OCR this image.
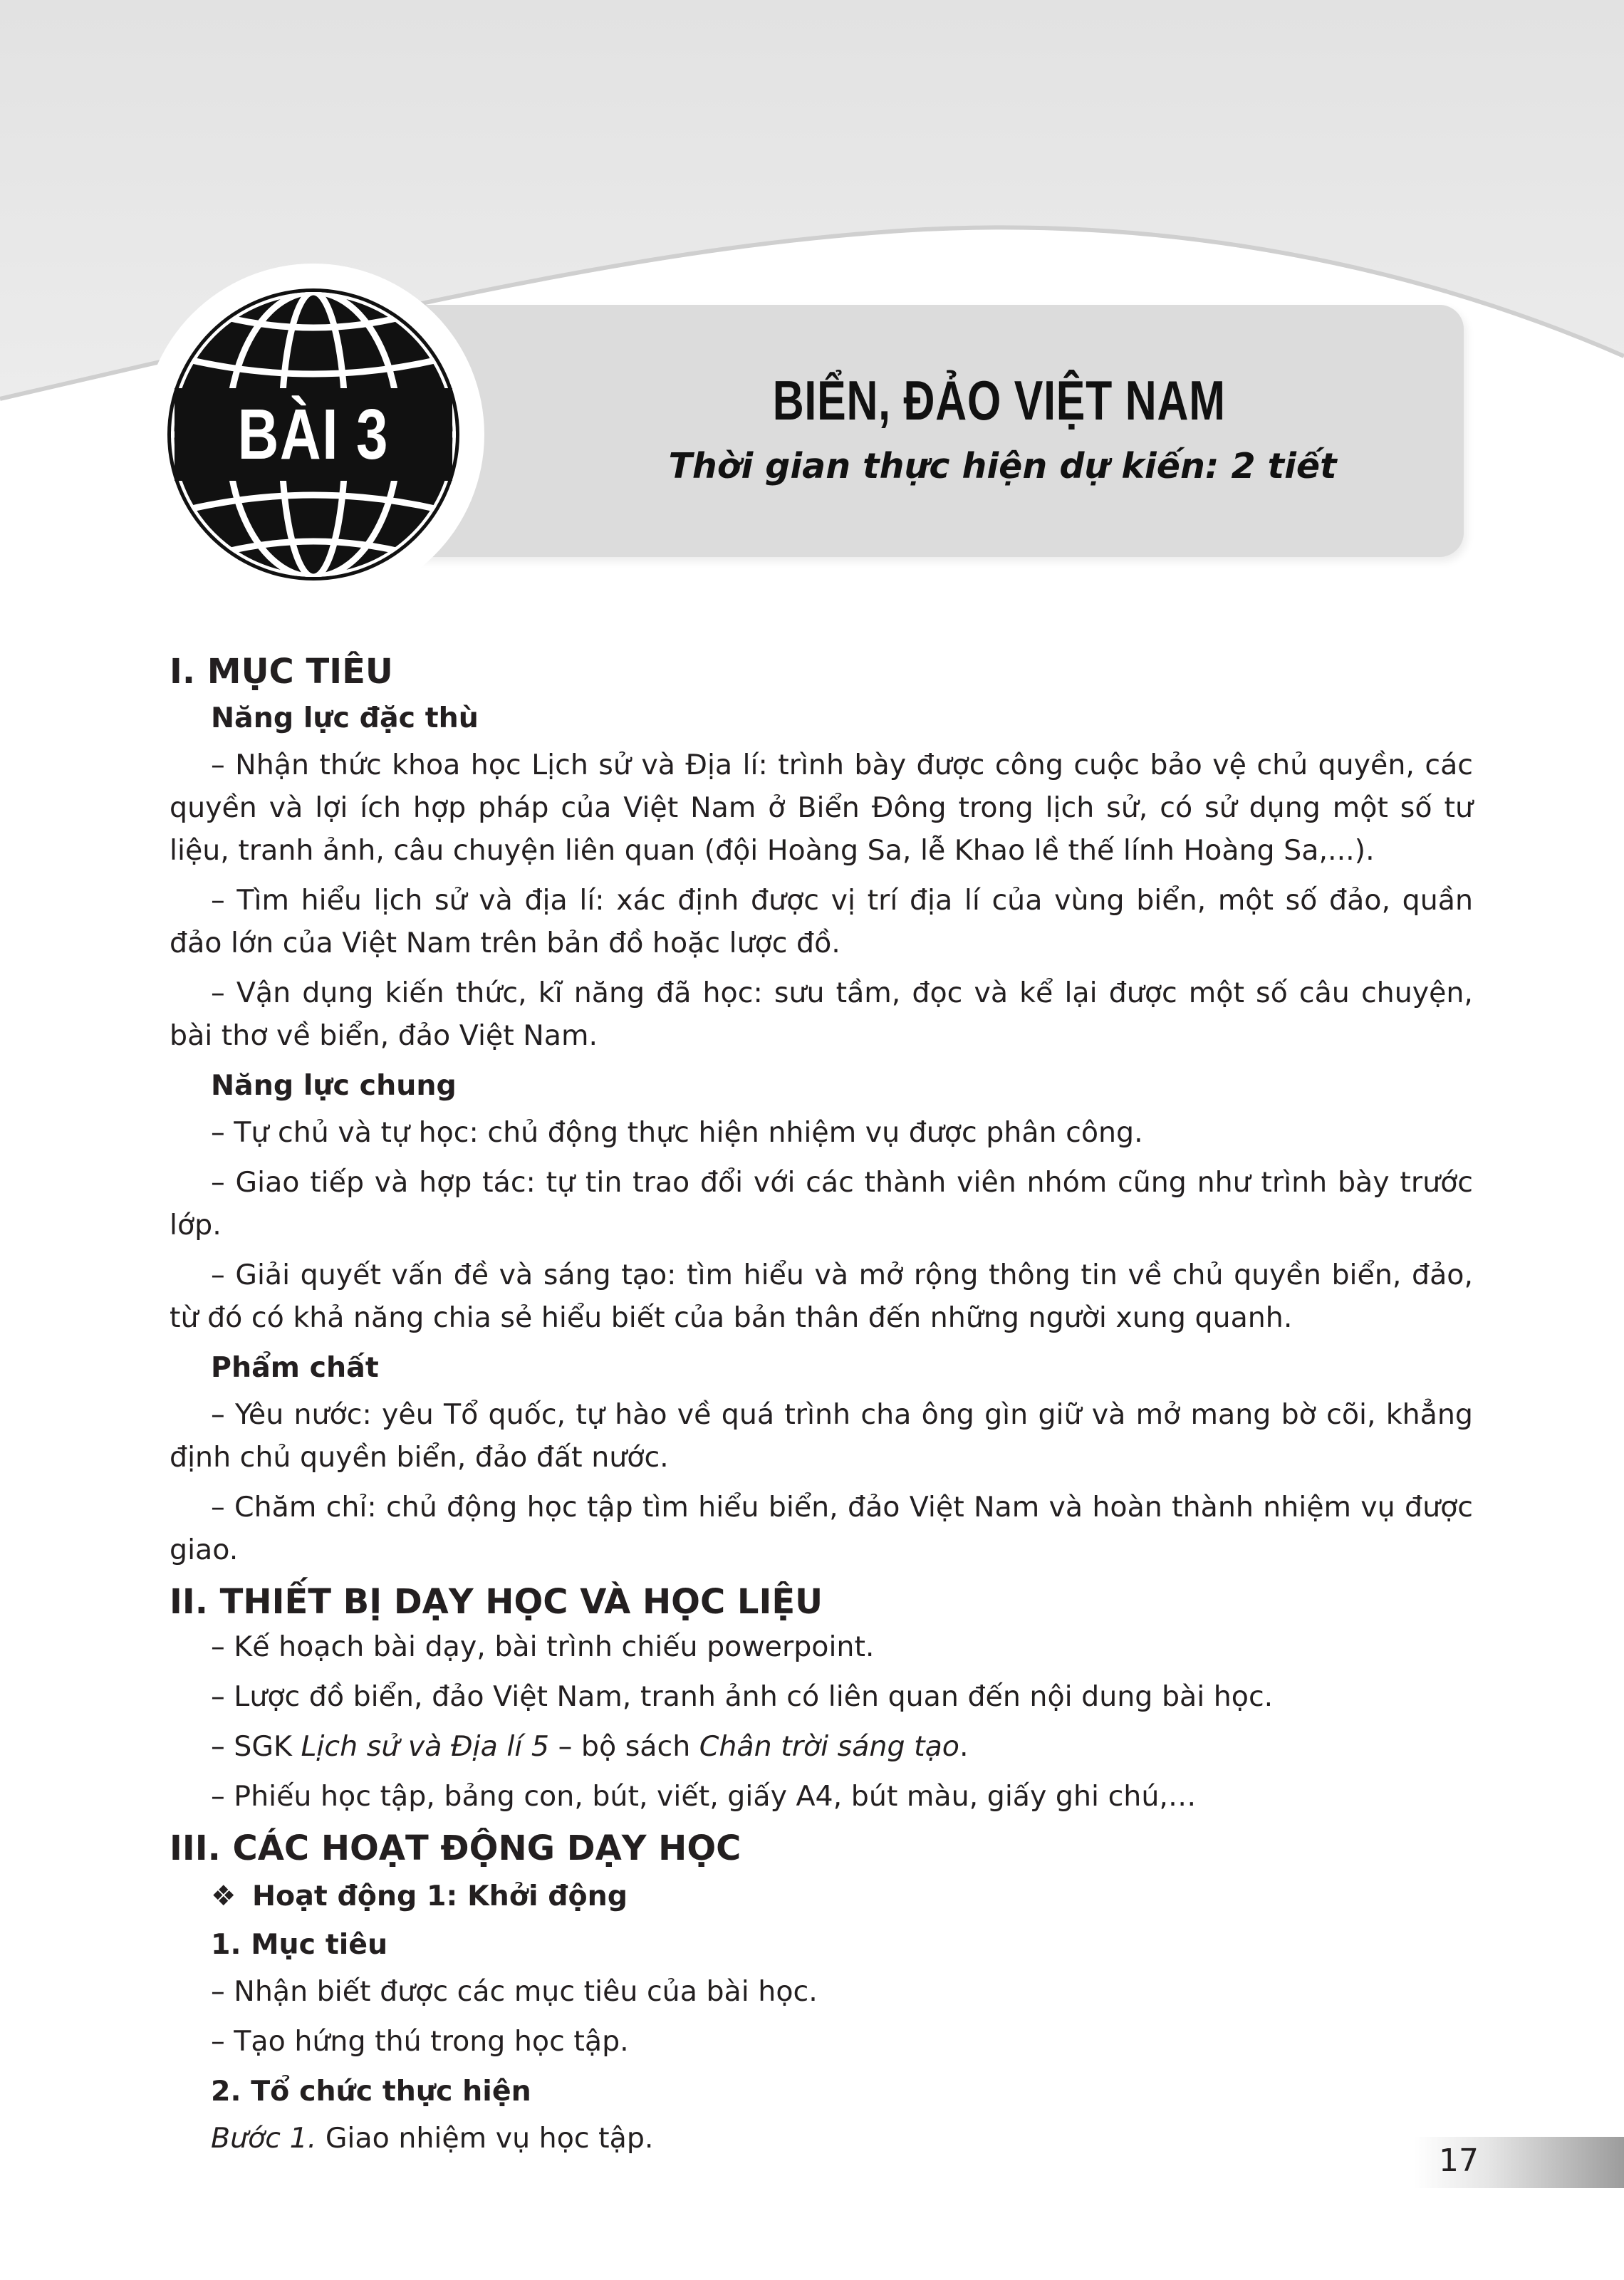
BIỂN, ĐẢO VIỆT NAM
Thời gian thực hiện dự kiến: 2 tiết
BÀI 3
I. MỤC TIÊU
Năng lực đặc thù
– Nhận thức khoa học Lịch sử và Địa lí: trình bày được công cuộc bảo vệ chủ quyền, các quyền và lợi ích hợp pháp của Việt Nam ở Biển Đông trong lịch sử, có sử dụng một số tư liệu, tranh ảnh, câu chuyện liên quan (đội Hoàng Sa, lễ Khao lề thế lính Hoàng Sa,...).
– Tìm hiểu lịch sử và địa lí: xác định được vị trí địa lí của vùng biển, một số đảo, quần đảo lớn của Việt Nam trên bản đồ hoặc lược đồ.
– Vận dụng kiến thức, kĩ năng đã học: sưu tầm, đọc và kể lại được một số câu chuyện, bài thơ về biển, đảo Việt Nam.
Năng lực chung
– Tự chủ và tự học: chủ động thực hiện nhiệm vụ được phân công.
– Giao tiếp và hợp tác: tự tin trao đổi với các thành viên nhóm cũng như trình bày trước lớp.
– Giải quyết vấn đề và sáng tạo: tìm hiểu và mở rộng thông tin về chủ quyền biển, đảo, từ đó có khả năng chia sẻ hiểu biết của bản thân đến những người xung quanh.
Phẩm chất
– Yêu nước: yêu Tổ quốc, tự hào về quá trình cha ông gìn giữ và mở mang bờ cõi, khẳng định chủ quyền biển, đảo đất nước.
– Chăm chỉ: chủ động học tập tìm hiểu biển, đảo Việt Nam và hoàn thành nhiệm vụ được giao.
II. THIẾT BỊ DẠY HỌC VÀ HỌC LIỆU
– Kế hoạch bài dạy, bài trình chiếu powerpoint.
– Lược đồ biển, đảo Việt Nam, tranh ảnh có liên quan đến nội dung bài học.
– SGK Lịch sử và Địa lí 5 – bộ sách Chân trời sáng tạo.
– Phiếu học tập, bảng con, bút, viết, giấy A4, bút màu, giấy ghi chú,…
III. CÁC HOẠT ĐỘNG DẠY HỌC
❖ Hoạt động 1: Khởi động
1. Mục tiêu
– Nhận biết được các mục tiêu của bài học.
– Tạo hứng thú trong học tập.
2. Tổ chức thực hiện
Bước 1. Giao nhiệm vụ học tập.
17
